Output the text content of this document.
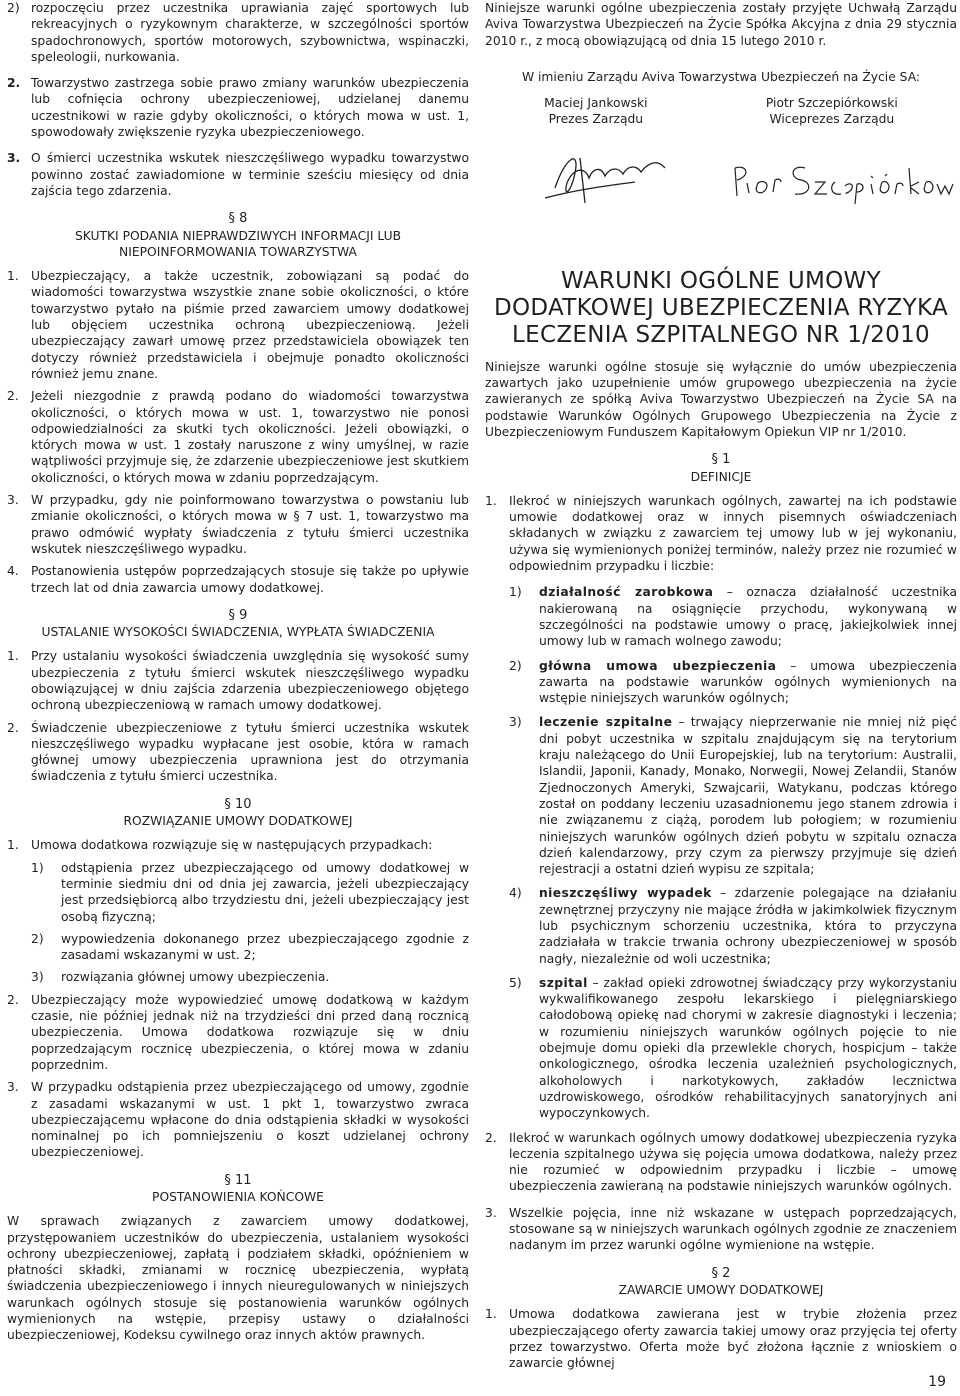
2) rozpoczęciu przez uczestnika uprawiania zajęć sportowych lub rekreacyjnych o ryzykownym charakterze, w szczególności sportów spadochronowych, sportów motorowych, szybownictwa, wspinaczki, speleologii, nurkowania.
2. Towarzystwo zastrzega sobie prawo zmiany warunków ubezpieczenia lub cofnięcia ochrony ubezpieczeniowej, udzielanej danemu uczestnikowi w razie gdyby okoliczności, o których mowa w ust. 1, spowodowały zwiększenie ryzyka ubezpieczeniowego.
3. O śmierci uczestnika wskutek nieszczęśliwego wypadku towarzystwo powinno zostać zawiadomione w terminie sześciu miesięcy od dnia zajścia tego zdarzenia.
§ 8
SKUTKI PODANIA NIEPRAWDZIWYCH INFORMACJI LUB NIEPOINFORMOWANIA TOWARZYSTWA
1. Ubezpieczający, a także uczestnik, zobowiązani są podać do wiadomości towarzystwa wszystkie znane sobie okoliczności, o które towarzystwo pytało na piśmie przed zawarciem umowy dodatkowej lub objęciem uczestnika ochroną ubezpieczeniową. Jeżeli ubezpieczający zawarł umowę przez przedstawiciela obowiązek ten dotyczy również przedstawiciela i obejmuje ponadto okoliczności również jemu znane.
2. Jeżeli niezgodnie z prawdą podano do wiadomości towarzystwa okoliczności, o których mowa w ust. 1, towarzystwo nie ponosi odpowiedzialności za skutki tych okoliczności. Jeżeli obowiązki, o których mowa w ust. 1 zostały naruszone z winy umyślnej, w razie wątpliwości przyjmuje się, że zdarzenie ubezpieczeniowe jest skutkiem okoliczności, o których mowa w zdaniu poprzedzającym.
3. W przypadku, gdy nie poinformowano towarzystwa o powstaniu lub zmianie okoliczności, o których mowa w § 7 ust. 1, towarzystwo ma prawo odmówić wypłaty świadczenia z tytułu śmierci uczestnika wskutek nieszczęśliwego wypadku.
4. Postanowienia ustępów poprzedzających stosuje się także po upływie trzech lat od dnia zawarcia umowy dodatkowej.
§ 9
USTALANIE WYSOKOŚCI ŚWIADCZENIA, WYPŁATA ŚWIADCZENIA
1. Przy ustalaniu wysokości świadczenia uwzględnia się wysokość sumy ubezpieczenia z tytułu śmierci wskutek nieszczęśliwego wypadku obowiązującej w dniu zajścia zdarzenia ubezpieczeniowego objętego ochroną ubezpieczeniową w ramach umowy dodatkowej.
2. Świadczenie ubezpieczeniowe z tytułu śmierci uczestnika wskutek nieszczęśliwego wypadku wypłacane jest osobie, która w ramach głównej umowy ubezpieczenia uprawniona jest do otrzymania świadczenia z tytułu śmierci uczestnika.
§ 10
ROZWIĄZANIE UMOWY DODATKOWEJ
1. Umowa dodatkowa rozwiązuje się w następujących przypadkach:
1) odstąpienia przez ubezpieczającego od umowy dodatkowej w terminie siedmiu dni od dnia jej zawarcia, jeżeli ubezpieczający jest przedsiębiorcą albo trzydziestu dni, jeżeli ubezpieczający jest osobą fizyczną;
2) wypowiedzenia dokonanego przez ubezpieczającego zgodnie z zasadami wskazanymi w ust. 2;
3) rozwiązania głównej umowy ubezpieczenia.
2. Ubezpieczający może wypowiedzieć umowę dodatkową w każdym czasie, nie później jednak niż na trzydzieści dni przed daną rocznicą ubezpieczenia. Umowa dodatkowa rozwiązuje się w dniu poprzedzającym rocznicę ubezpieczenia, o której mowa w zdaniu poprzednim.
3. W przypadku odstąpienia przez ubezpieczającego od umowy, zgodnie z zasadami wskazanymi w ust. 1 pkt 1, towarzystwo zwraca ubezpieczającemu wpłacone do dnia odstąpienia składki w wysokości nominalnej po ich pomniejszeniu o koszt udzielanej ochrony ubezpieczeniowej.
§ 11
POSTANOWIENIA KOŃCOWE

W sprawach związanych z zawarciem umowy dodatkowej, przystępowaniem uczestników do ubezpieczenia, ustalaniem wysokości ochrony ubezpieczeniowej, zapłatą i podziałem składki, opóźnieniem w płatności składki, zmianami w rocznicę ubezpieczenia, wypłatą świadczenia ubezpieczeniowego i innych nieuregulowanych w niniejszych warunkach ogólnych stosuje się postanowienia warunków ogólnych wymienionych na wstępie, przepisy ustawy o działalności ubezpieczeniowej, Kodeksu cywilnego oraz innych aktów prawnych.

Niniejsze warunki ogólne ubezpieczenia zostały przyjęte Uchwałą Zarządu Aviva Towarzystwa Ubezpieczeń na Życie Spółka Akcyjna z dnia 29 stycznia 2010 r., z mocą obowiązującą od dnia 15 lutego 2010 r.

W imieniu Zarządu Aviva Towarzystwa Ubezpieczeń na Życie SA:
Maciej Jankowski
Prezes Zarządu
Piotr Szczepiórkowski
Wiceprezes Zarządu
WARUNKI OGÓLNE UMOWY
DODATKOWEJ UBEZPIECZENIA RYZYKA
LECZENIA SZPITALNEGO NR 1/2010

Niniejsze warunki ogólne stosuje się wyłącznie do umów ubezpieczenia zawartych jako uzupełnienie umów grupowego ubezpieczenia na życie zawieranych ze spółką Aviva Towarzystwo Ubezpieczeń na Życie SA na podstawie Warunków Ogólnych Grupowego Ubezpieczenia na Życie z Ubezpieczeniowym Funduszem Kapitałowym Opiekun VIP nr 1/2010.

§ 1
DEFINICJE
1. Ilekroć w niniejszych warunkach ogólnych, zawartej na ich podstawie umowie dodatkowej oraz w innych pisemnych oświadczeniach składanych w związku z zawarciem tej umowy lub w jej wykonaniu, używa się wymienionych poniżej terminów, należy przez nie rozumieć w odpowiednim przypadku i liczbie:
1) działalność zarobkowa – oznacza działalność uczestnika nakierowaną na osiągnięcie przychodu, wykonywaną w szczególności na podstawie umowy o pracę, jakiejkolwiek innej umowy lub w ramach wolnego zawodu;
2) główna umowa ubezpieczenia – umowa ubezpieczenia zawarta na podstawie warunków ogólnych wymienionych na wstępie niniejszych warunków ogólnych;
3) leczenie szpitalne – trwający nieprzerwanie nie mniej niż pięć dni pobyt uczestnika w szpitalu znajdującym się na terytorium kraju należącego do Unii Europejskiej, lub na terytorium: Australii, Islandii, Japonii, Kanady, Monako, Norwegii, Nowej Zelandii, Stanów Zjednoczonych Ameryki, Szwajcarii, Watykanu, podczas którego został on poddany leczeniu uzasadnionemu jego stanem zdrowia i nie związanemu z ciążą, porodem lub połogiem; w rozumieniu niniejszych warunków ogólnych dzień pobytu w szpitalu oznacza dzień kalendarzowy, przy czym za pierwszy przyjmuje się dzień rejestracji a ostatni dzień wypisu ze szpitala;
4) nieszczęśliwy wypadek – zdarzenie polegające na działaniu zewnętrznej przyczyny nie mające źródła w jakimkolwiek fizycznym lub psychicznym schorzeniu uczestnika, która to przyczyna zadziałała w trakcie trwania ochrony ubezpieczeniowej w sposób nagły, niezależnie od woli uczestnika;
5) szpital – zakład opieki zdrowotnej świadczący przy wykorzystaniu wykwalifikowanego zespołu lekarskiego i pielęgniarskiego całodobową opiekę nad chorymi w zakresie diagnostyki i leczenia; w rozumieniu niniejszych warunków ogólnych pojęcie to nie obejmuje domu opieki dla przewlekle chorych, hospicjum – także onkologicznego, ośrodka leczenia uzależnień psychologicznych, alkoholowych i narkotykowych, zakładów lecznictwa uzdrowiskowego, ośrodków rehabilitacyjnych sanatoryjnych ani wypoczynkowych.
2. Ilekroć w warunkach ogólnych umowy dodatkowej ubezpieczenia ryzyka leczenia szpitalnego używa się pojęcia umowa dodatkowa, należy przez nie rozumieć w odpowiednim przypadku i liczbie – umowę ubezpieczenia zawieraną na podstawie niniejszych warunków ogólnych.
3. Wszelkie pojęcia, inne niż wskazane w ustępach poprzedzających, stosowane są w niniejszych warunkach ogólnych zgodnie ze znaczeniem nadanym im przez warunki ogólne wymienione na wstępie.
§ 2
ZAWARCIE UMOWY DODATKOWEJ
1. Umowa dodatkowa zawierana jest w trybie złożenia przez ubezpieczającego oferty zawarcia takiej umowy oraz przyjęcia tej oferty przez towarzystwo. Oferta może być złożona łącznie z wnioskiem o zawarcie głównej
19
